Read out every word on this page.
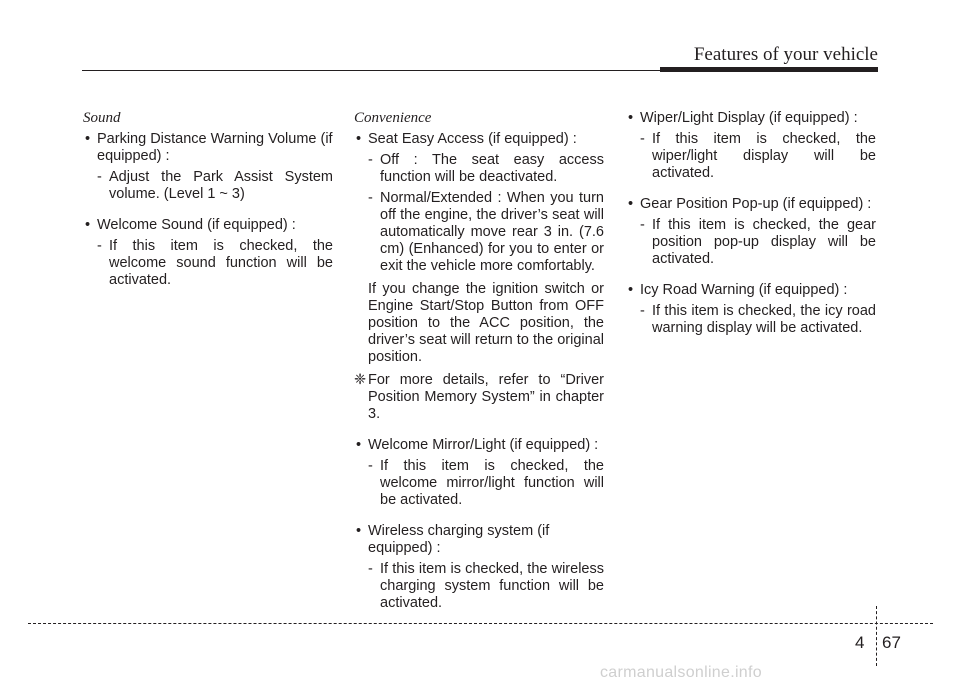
Features of your vehicle
Sound
• Parking Distance Warning Volume (if equipped) :
- Adjust the Park Assist System volume. (Level 1 ~ 3)
• Welcome Sound (if equipped) :
- If this item is checked, the welcome sound function will be activated.
Convenience
• Seat Easy Access (if equipped) :
- Off : The seat easy access function will be deactivated.
- Normal/Extended : When you turn off the engine, the driver’s seat will automatically move rear 3 in. (7.6 cm) (Enhanced) for you to enter or exit the vehicle more comfortably.
If you change the ignition switch or Engine Start/Stop Button from OFF position to the ACC position, the driver’s seat will return to the original position.
❈ For more details, refer to “Driver Position Memory System” in chapter 3.
• Welcome Mirror/Light (if equipped) :
- If this item is checked, the welcome mirror/light function will be activated.
• Wireless charging system (if equipped) :
- If this item is checked, the wireless charging system function will be activated.
• Wiper/Light Display (if equipped) :
- If this item is checked, the wiper/light display will be activated.
• Gear Position Pop-up (if equipped) :
- If this item is checked, the gear position pop-up display will be activated.
• Icy Road Warning (if equipped) :
- If this item is checked, the icy road warning display will be activated.
4 67
carmanualsonline.info
